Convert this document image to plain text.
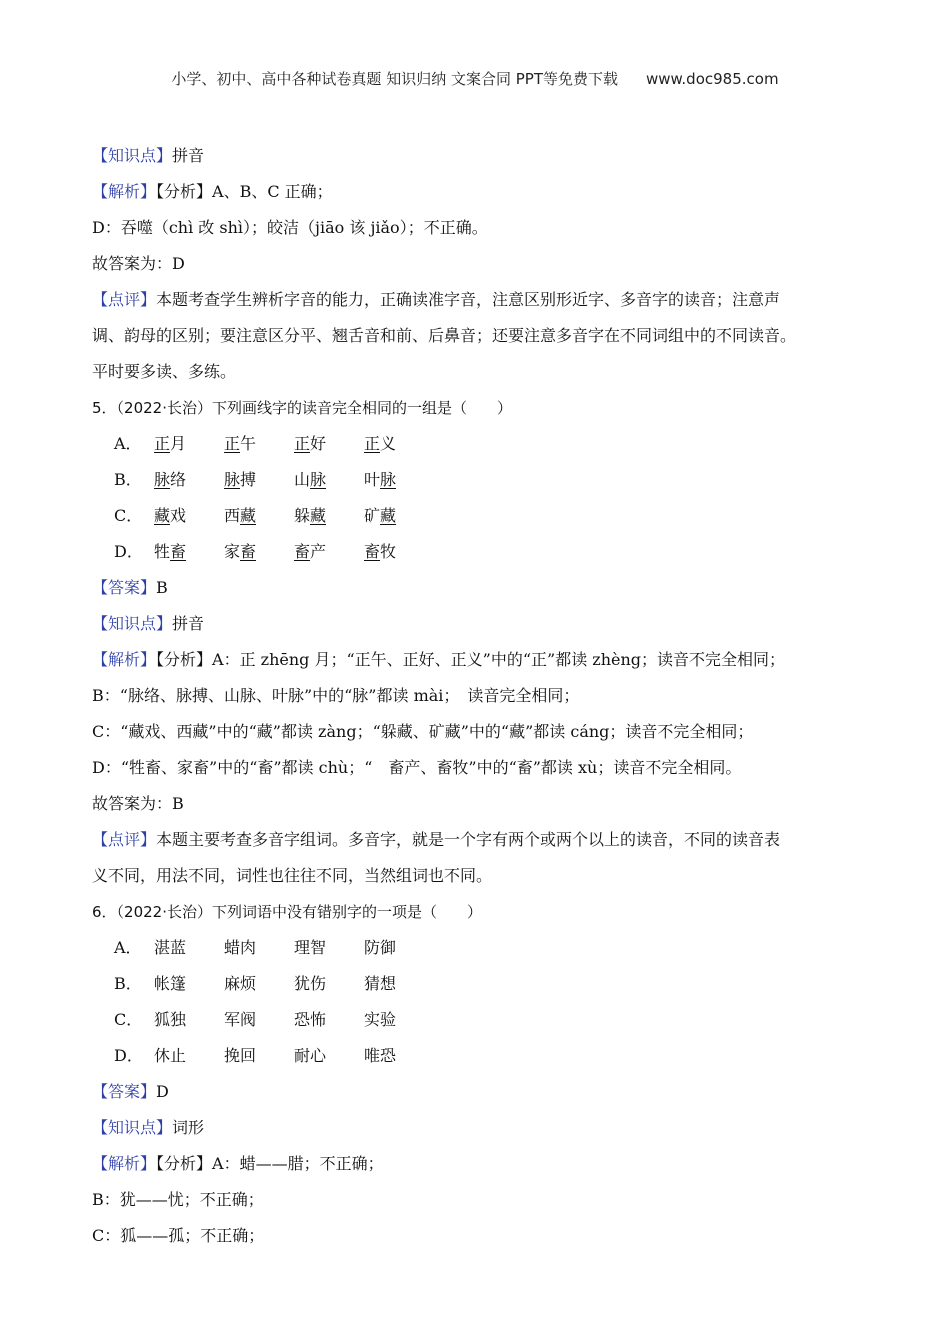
小学、初中、高中各种试卷真题 知识归纳 文案合同 PPT等免费下载 www.doc985.com
【知识点】拼音
【解析】【分析】A、B、C 正确；
D：吞噬（chì 改 shì）；皎洁（jiāo 该 jiǎo）；不正确。
故答案为：D
【点评】本题考查学生辨析字音的能力，正确读准字音，注意区别形近字、多音字的读音；注意声
调、韵母的区别；要注意区分平、翘舌音和前、后鼻音；还要注意多音字在不同词组中的不同读音。
平时要多读、多练。
5．（2022·长治）下列画线字的读音完全相同的一组是（　　）
A． 正月 正午 正好 正义
B． 脉络 脉搏 山脉 叶脉
C． 藏戏 西藏 躲藏 矿藏
D． 牲畜 家畜 畜产 畜牧
【答案】B
【知识点】拼音
【解析】【分析】A：正 zhēng 月；“正午、正好、正义”中的“正”都读 zhèng；读音不完全相同；
B：“脉络、脉搏、山脉、叶脉”中的“脉”都读 mài；　读音完全相同；
C：“藏戏、西藏”中的“藏”都读 zàng；“躲藏、矿藏”中的“藏”都读 cáng；读音不完全相同；
D：“牲畜、家畜”中的“畜”都读 chù；“　畜产、畜牧”中的“畜”都读 xù；读音不完全相同。
故答案为：B
【点评】本题主要考查多音字组词。多音字，就是一个字有两个或两个以上的读音，不同的读音表
义不同，用法不同，词性也往往不同，当然组词也不同。
6．（2022·长治）下列词语中没有错别字的一项是（　　）
A． 湛蓝 蜡肉 理智 防御
B． 帐篷 麻烦 犹伤 猜想
C． 狐独 军阀 恐怖 实验
D． 休止 挽回 耐心 唯恐
【答案】D
【知识点】词形
【解析】【分析】A：蜡——腊；不正确；
B：犹——忧；不正确；
C：狐——孤；不正确；
